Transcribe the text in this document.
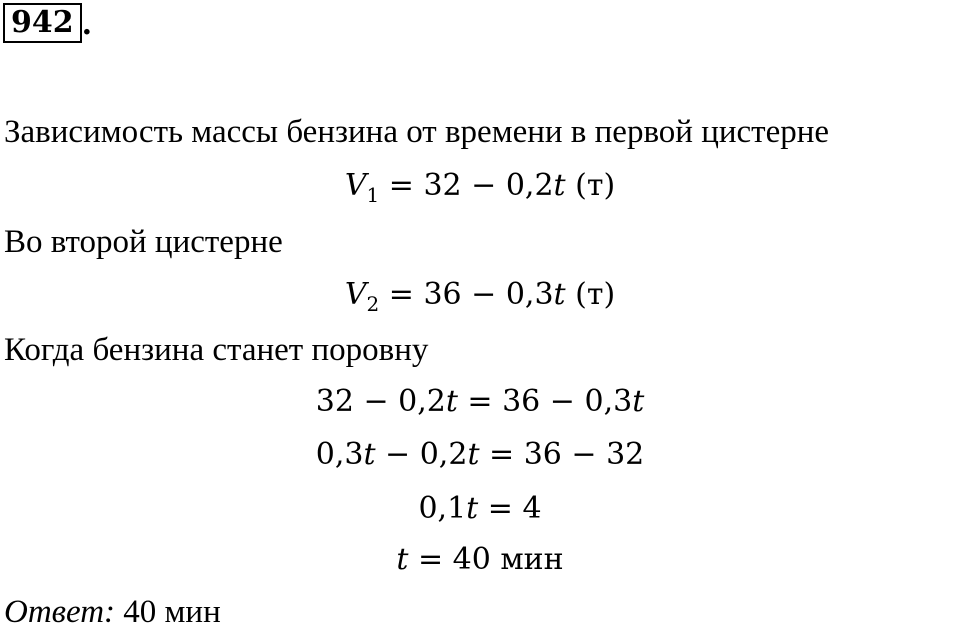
942 .
Зависимость массы бензина от времени в первой цистерне
$V_1 = 32 - 0,2t$ (т)
Во второй цистерне
$V_2 = 36 - 0,3t$ (т)
Когда бензина станет поровну
32 − 0,2t = 36 − 0,3t
0,3t − 0,2t = 36 − 32
0,1t = 4
t = 40 мин
Ответ: 40 мин
